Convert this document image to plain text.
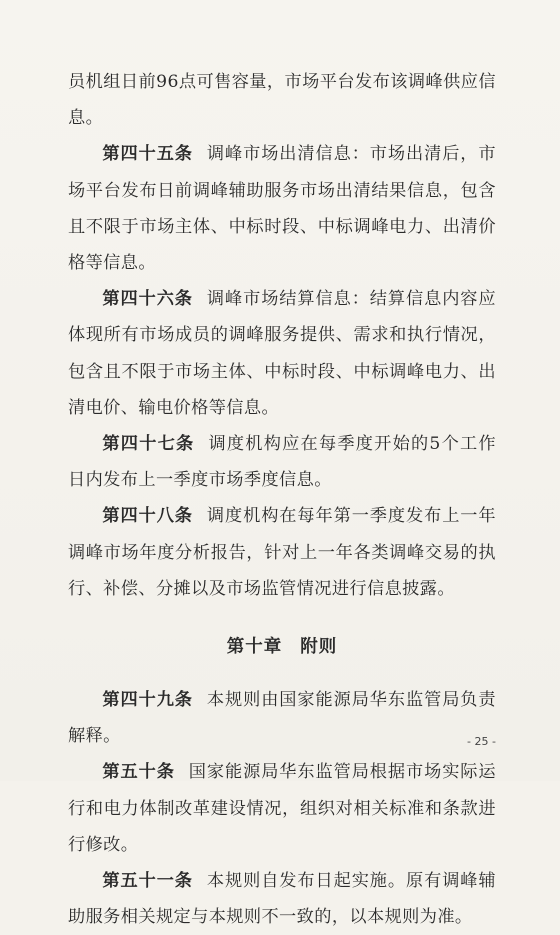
员机组日前96点可售容量，市场平台发布该调峰供应信息。

第四十五条 调峰市场出清信息：市场出清后，市场平台发布日前调峰辅助服务市场出清结果信息，包含且不限于市场主体、中标时段、中标调峰电力、出清价格等信息。

第四十六条 调峰市场结算信息：结算信息内容应体现所有市场成员的调峰服务提供、需求和执行情况，包含且不限于市场主体、中标时段、中标调峰电力、出清电价、输电价格等信息。

第四十七条 调度机构应在每季度开始的5个工作日内发布上一季度市场季度信息。

第四十八条 调度机构在每年第一季度发布上一年调峰市场年度分析报告，针对上一年各类调峰交易的执行、补偿、分摊以及市场监管情况进行信息披露。

第十章 附则

第四十九条 本规则由国家能源局华东监管局负责解释。

第五十条 国家能源局华东监管局根据市场实际运行和电力体制改革建设情况，组织对相关标准和条款进行修改。

第五十一条 本规则自发布日起实施。原有调峰辅助服务相关规定与本规则不一致的，以本规则为准。

- 25 -
